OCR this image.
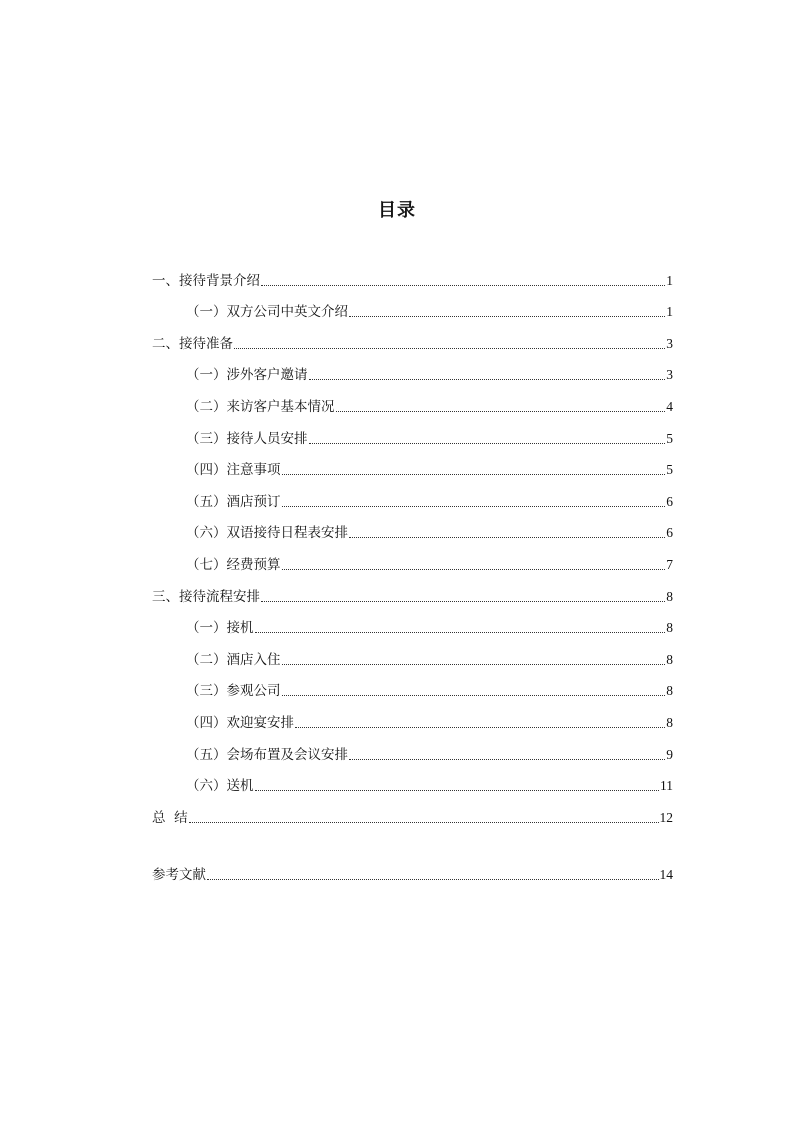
目录
一、接待背景介绍	1
（一）双方公司中英文介绍	1
二、接待准备	3
（一）涉外客户邀请	3
（二）来访客户基本情况	4
（三）接待人员安排	5
（四）注意事项	5
（五）酒店预订	6
（六）双语接待日程表安排	6
（七）经费预算	7
三、接待流程安排	8
（一）接机	8
（二）酒店入住	8
（三）参观公司	8
（四）欢迎宴安排	8
（五）会场布置及会议安排	9
（六）送机	11
总  结	12
参考文献	14
